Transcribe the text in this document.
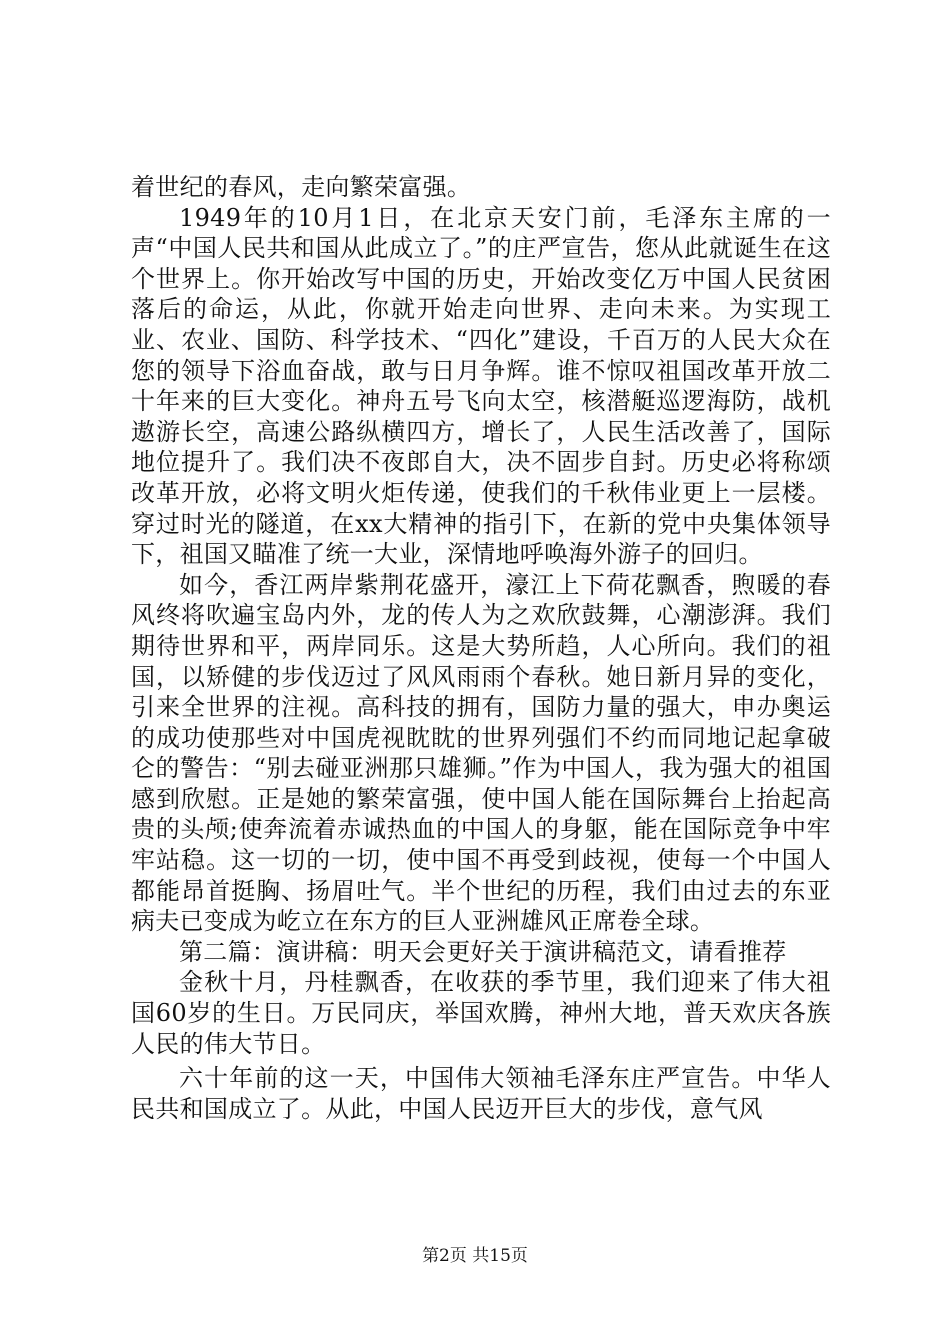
着世纪的春风，走向繁荣富强。

1949年的10月1日，在北京天安门前，毛泽东主席的一声“中国人民共和国从此成立了。”的庄严宣告，您从此就诞生在这个世界上。你开始改写中国的历史，开始改变亿万中国人民贫困落后的命运，从此，你就开始走向世界、走向未来。为实现工业、农业、国防、科学技术、“四化”建设，千百万的人民大众在您的领导下浴血奋战，敢与日月争辉。谁不惊叹祖国改革开放二十年来的巨大变化。神舟五号飞向太空，核潜艇巡逻海防，战机遨游长空，高速公路纵横四方，增长了，人民生活改善了，国际地位提升了。我们决不夜郎自大，决不固步自封。历史必将称颂改革开放，必将文明火炬传递，使我们的千秋伟业更上一层楼。穿过时光的隧道，在xx大精神的指引下，在新的党中央集体领导下，祖国又瞄准了统一大业，深情地呼唤海外游子的回归。

如今，香江两岸紫荆花盛开，濠江上下荷花飘香，煦暖的春风终将吹遍宝岛内外，龙的传人为之欢欣鼓舞，心潮澎湃。我们期待世界和平，两岸同乐。这是大势所趋，人心所向。我们的祖国，以矫健的步伐迈过了风风雨雨个春秋。她日新月异的变化，引来全世界的注视。高科技的拥有，国防力量的强大，申办奥运的成功使那些对中国虎视眈眈的世界列强们不约而同地记起拿破仑的警告：“别去碰亚洲那只雄狮。”作为中国人，我为强大的祖国感到欣慰。正是她的繁荣富强，使中国人能在国际舞台上抬起高贵的头颅;使奔流着赤诚热血的中国人的身躯，能在国际竞争中牢牢站稳。这一切的一切，使中国不再受到歧视，使每一个中国人都能昂首挺胸、扬眉吐气。半个世纪的历程，我们由过去的东亚病夫已变成为屹立在东方的巨人亚洲雄风正席卷全球。

第二篇：演讲稿：明天会更好关于演讲稿范文，请看推荐

金秋十月，丹桂飘香，在收获的季节里，我们迎来了伟大祖国60岁的生日。万民同庆，举国欢腾，神州大地，普天欢庆各族人民的伟大节日。

六十年前的这一天，中国伟大领袖毛泽东庄严宣告。中华人民共和国成立了。从此，中国人民迈开巨大的步伐，意气风

第2页 共15页
